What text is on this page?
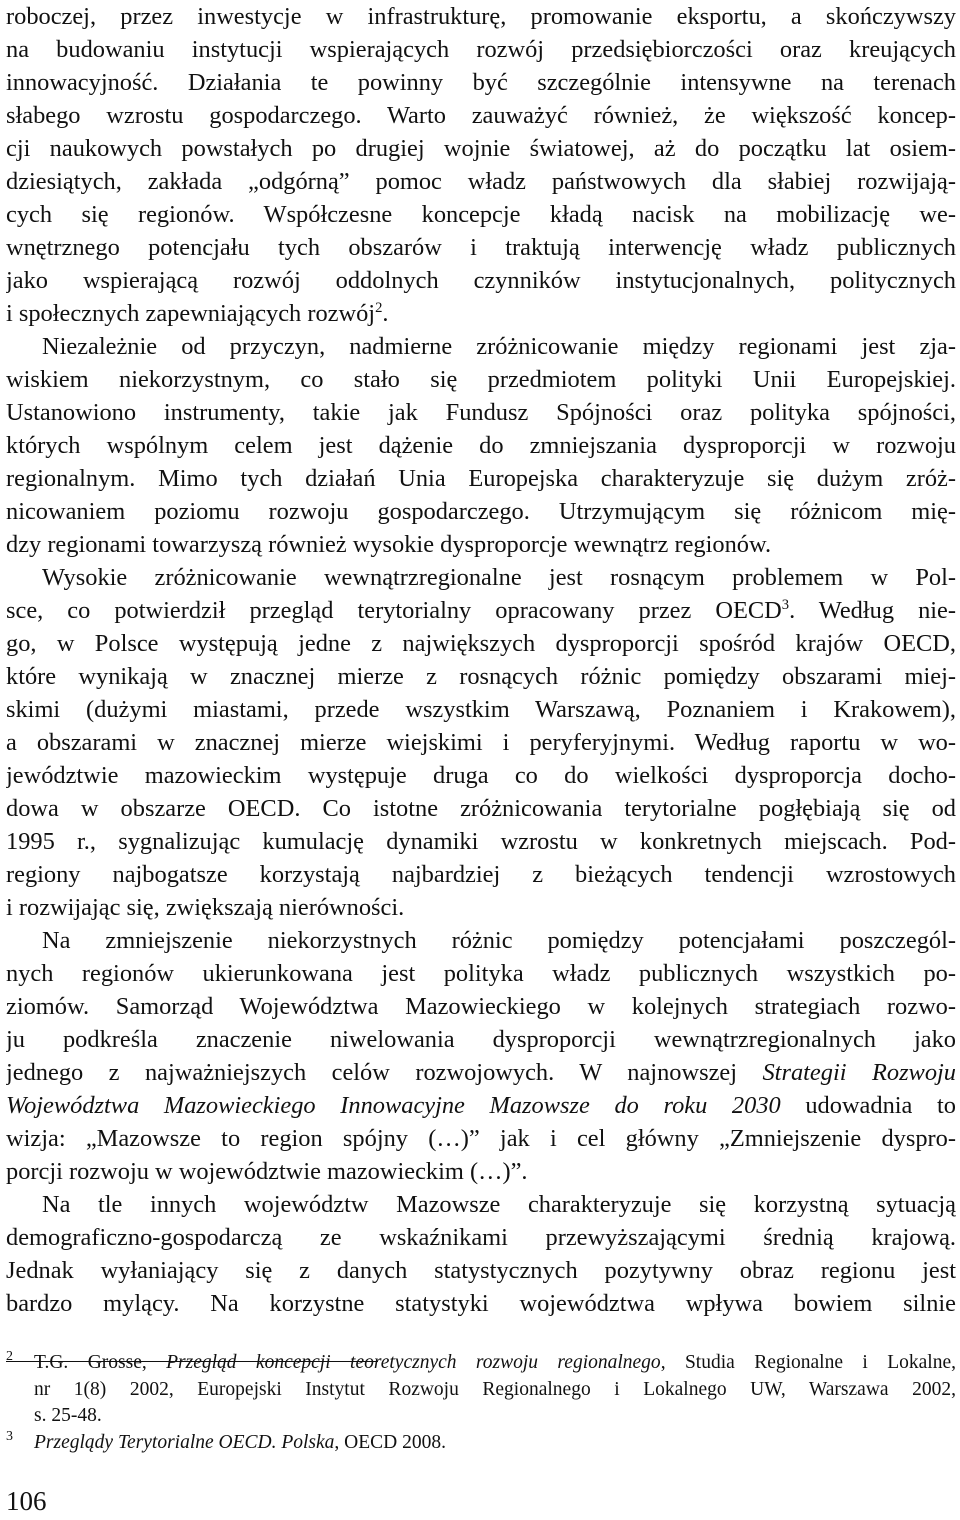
roboczej, przez inwestycje w infrastrukturę, promowanie eksportu, a skończywszy
na budowaniu instytucji wspierających rozwój przedsiębiorczości oraz kreujących
innowacyjność. Działania te powinny być szczególnie intensywne na terenach
słabego wzrostu gospodarczego. Warto zauważyć również, że większość koncep-
cji naukowych powstałych po drugiej wojnie światowej, aż do początku lat osiem-
dziesiątych, zakłada „odgórną” pomoc władz państwowych dla słabiej rozwijają-
cych się regionów. Współczesne koncepcje kładą nacisk na mobilizację we-
wnętrznego potencjału tych obszarów i traktują interwencję władz publicznych
jako wspierającą rozwój oddolnych czynników instytucjonalnych, politycznych
i społecznych zapewniających rozwój$^2$.
Niezależnie od przyczyn, nadmierne zróżnicowanie między regionami jest zja-
wiskiem niekorzystnym, co stało się przedmiotem polityki Unii Europejskiej.
Ustanowiono instrumenty, takie jak Fundusz Spójności oraz polityka spójności,
których wspólnym celem jest dążenie do zmniejszania dysproporcji w rozwoju
regionalnym. Mimo tych działań Unia Europejska charakteryzuje się dużym zróż-
nicowaniem poziomu rozwoju gospodarczego. Utrzymującym się różnicom mię-
dzy regionami towarzyszą również wysokie dysproporcje wewnątrz regionów.
Wysokie zróżnicowanie wewnątrzregionalne jest rosnącym problemem w Pol-
sce, co potwierdził przegląd terytorialny opracowany przez OECD$^3$. Według nie-
go, w Polsce występują jedne z największych dysproporcji spośród krajów OECD,
które wynikają w znacznej mierze z rosnących różnic pomiędzy obszarami miej-
skimi (dużymi miastami, przede wszystkim Warszawą, Poznaniem i Krakowem),
a obszarami w znacznej mierze wiejskimi i peryferyjnymi. Według raportu w wo-
jewództwie mazowieckim występuje druga co do wielkości dysproporcja docho-
dowa w obszarze OECD. Co istotne zróżnicowania terytorialne pogłębiają się od
1995 r., sygnalizując kumulację dynamiki wzrostu w konkretnych miejscach. Pod-
regiony najbogatsze korzystają najbardziej z bieżących tendencji wzrostowych
i rozwijając się, zwiększają nierówności.
Na zmniejszenie niekorzystnych różnic pomiędzy potencjałami poszczegól-
nych regionów ukierunkowana jest polityka władz publicznych wszystkich po-
ziomów. Samorząd Województwa Mazowieckiego w kolejnych strategiach rozwo-
ju podkreśla znaczenie niwelowania dysproporcji wewnątrzregionalnych jako
jednego z najważniejszych celów rozwojowych. W najnowszej Strategii Rozwoju
Województwa Mazowieckiego Innowacyjne Mazowsze do roku 2030 udowadnia to
wizja: „Mazowsze to region spójny (…)” jak i cel główny „Zmniejszenie dyspro-
porcji rozwoju w województwie mazowieckim (…)”.
Na tle innych województw Mazowsze charakteryzuje się korzystną sytuacją
demograficzno-gospodarczą ze wskaźnikami przewyższającymi średnią krajową.
Jednak wyłaniający się z danych statystycznych pozytywny obraz regionu jest
bardzo mylący. Na korzystne statystyki województwa wpływa bowiem silnie
2	T.G. Grosse, Przegląd koncepcji teoretycznych rozwoju regionalnego, Studia Regionalne i Lokalne,
nr 1(8) 2002, Europejski Instytut Rozwoju Regionalnego i Lokalnego UW, Warszawa 2002,
s. 25-48.
3	Przeglądy Terytorialne OECD. Polska, OECD 2008.
106
